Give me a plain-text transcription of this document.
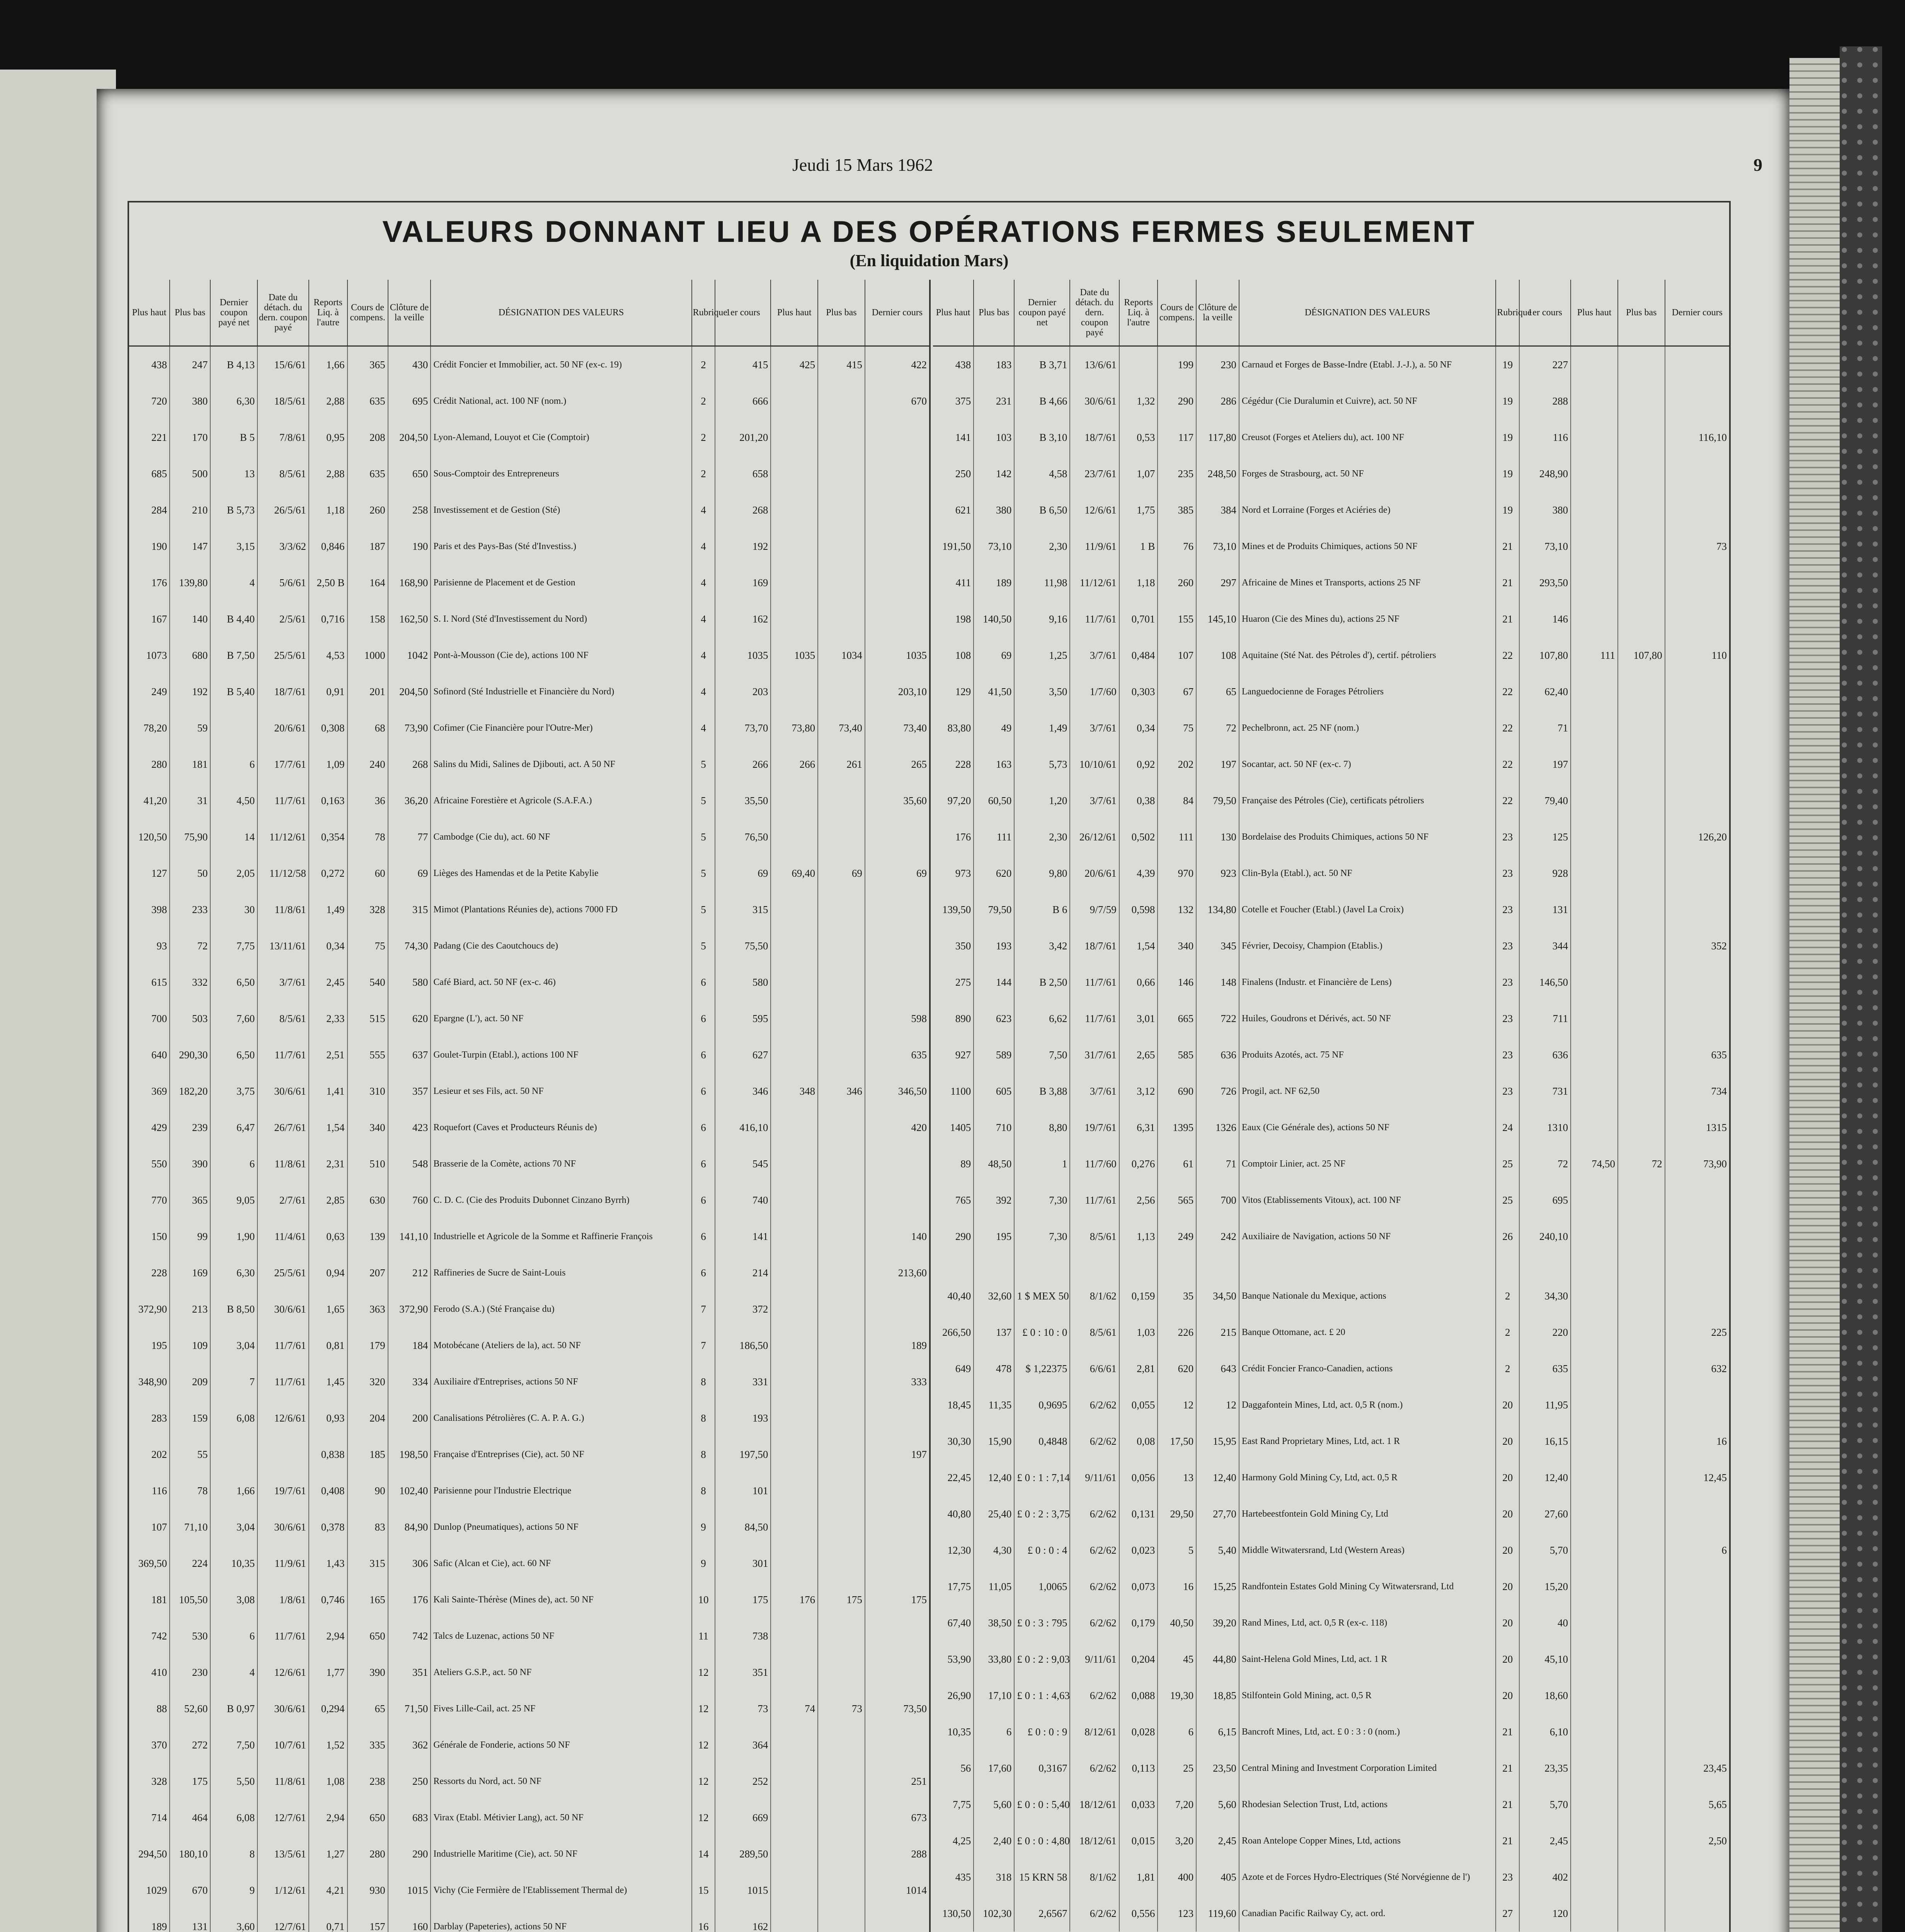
Jeudi 15 Mars 1962	9
VALEURS DONNANT LIEU A DES OPÉRATIONS FERMES SEULEMENT
(En liquidation Mars)
Plus haut	Plus bas	Dernier coupon payé net	Date du détach. du dern. coupon payé	Reports Liq. à l'autre	Cours de compens.	Clôture de la veille	DÉSIGNATION DES VALEURS	Rubrique	1er cours	Plus haut	Plus bas	Dernier cours
438	247	B 4,13	15/6/61	1,66	365	430	Crédit Foncier et Immobilier, act. 50 NF (ex-c. 19)	2	415	425	415	422
720	380	6,30	18/5/61	2,88	635	695	Crédit National, act. 100 NF (nom.)	2	666			670
221	170	B 5	7/8/61	0,95	208	204,50	Lyon-Alemand, Louyot et Cie (Comptoir)	2	201,20			
685	500	13	8/5/61	2,88	635	650	Sous-Comptoir des Entrepreneurs	2	658			
284	210	B 5,73	26/5/61	1,18	260	258	Investissement et de Gestion (Sté)	4	268			
190	147	3,15	3/3/62	0,846	187	190	Paris et des Pays-Bas (Sté d'Investiss.)	4	192			
176	139,80	4	5/6/61	2,50 B	164	168,90	Parisienne de Placement et de Gestion	4	169			
167	140	B 4,40	2/5/61	0,716	158	162,50	S. I. Nord (Sté d'Investissement du Nord)	4	162			
1073	680	B 7,50	25/5/61	4,53	1000	1042	Pont-à-Mousson (Cie de), actions 100 NF	4	1035	1035	1034	1035
249	192	B 5,40	18/7/61	0,91	201	204,50	Sofinord (Sté Industrielle et Financière du Nord)	4	203			203,10
78,20	59		20/6/61	0,308	68	73,90	Cofimer (Cie Financière pour l'Outre-Mer)	4	73,70	73,80	73,40	73,40
280	181	6	17/7/61	1,09	240	268	Salins du Midi, Salines de Djibouti, act. A 50 NF	5	266	266	261	265
41,20	31	4,50	11/7/61	0,163	36	36,20	Africaine Forestière et Agricole (S.A.F.A.)	5	35,50			35,60
120,50	75,90	14	11/12/61	0,354	78	77	Cambodge (Cie du), act. 60 NF	5	76,50			
127	50	2,05	11/12/58	0,272	60	69	Lièges des Hamendas et de la Petite Kabylie	5	69	69,40	69	69
398	233	30	11/8/61	1,49	328	315	Mimot (Plantations Réunies de), actions 7000 FD	5	315			
93	72	7,75	13/11/61	0,34	75	74,30	Padang (Cie des Caoutchoucs de)	5	75,50			
615	332	6,50	3/7/61	2,45	540	580	Café Biard, act. 50 NF (ex-c. 46)	6	580			
700	503	7,60	8/5/61	2,33	515	620	Epargne (L'), act. 50 NF	6	595			598
640	290,30	6,50	11/7/61	2,51	555	637	Goulet-Turpin (Etabl.), actions 100 NF	6	627			635
369	182,20	3,75	30/6/61	1,41	310	357	Lesieur et ses Fils, act. 50 NF	6	346	348	346	346,50
429	239	6,47	26/7/61	1,54	340	423	Roquefort (Caves et Producteurs Réunis de)	6	416,10			420
550	390	6	11/8/61	2,31	510	548	Brasserie de la Comète, actions 70 NF	6	545			
770	365	9,05	2/7/61	2,85	630	760	C. D. C. (Cie des Produits Dubonnet Cinzano Byrrh)	6	740			
150	99	1,90	11/4/61	0,63	139	141,10	Industrielle et Agricole de la Somme et Raffinerie François	6	141			140
228	169	6,30	25/5/61	0,94	207	212	Raffineries de Sucre de Saint-Louis	6	214			213,60
372,90	213	B 8,50	30/6/61	1,65	363	372,90	Ferodo (S.A.) (Sté Française du)	7	372			
195	109	3,04	11/7/61	0,81	179	184	Motobécane (Ateliers de la), act. 50 NF	7	186,50			189
348,90	209	7	11/7/61	1,45	320	334	Auxiliaire d'Entreprises, actions 50 NF	8	331			333
283	159	6,08	12/6/61	0,93	204	200	Canalisations Pétrolières (C. A. P. A. G.)	8	193			
202	55			0,838	185	198,50	Française d'Entreprises (Cie), act. 50 NF	8	197,50			197
116	78	1,66	19/7/61	0,408	90	102,40	Parisienne pour l'Industrie Electrique	8	101			
107	71,10	3,04	30/6/61	0,378	83	84,90	Dunlop (Pneumatiques), actions 50 NF	9	84,50			
369,50	224	10,35	11/9/61	1,43	315	306	Safic (Alcan et Cie), act. 60 NF	9	301			
181	105,50	3,08	1/8/61	0,746	165	176	Kali Sainte-Thérèse (Mines de), act. 50 NF	10	175	176	175	175
742	530	6	11/7/61	2,94	650	742	Talcs de Luzenac, actions 50 NF	11	738			
410	230	4	12/6/61	1,77	390	351	Ateliers G.S.P., act. 50 NF	12	351			
88	52,60	B 0,97	30/6/61	0,294	65	71,50	Fives Lille-Cail, act. 25 NF	12	73	74	73	73,50
370	272	7,50	10/7/61	1,52	335	362	Générale de Fonderie, actions 50 NF	12	364			
328	175	5,50	11/8/61	1,08	238	250	Ressorts du Nord, act. 50 NF	12	252			251
714	464	6,08	12/7/61	2,94	650	683	Virax (Etabl. Métivier Lang), act. 50 NF	12	669			673
294,50	180,10	8	13/5/61	1,27	280	290	Industrielle Maritime (Cie), act. 50 NF	14	289,50			288
1029	670	9	1/12/61	4,21	930	1015	Vichy (Cie Fermière de l'Etablissement Thermal de)	15	1015			1014
189	131	3,60	12/7/61	0,71	157	160	Darblay (Papeteries), actions 50 NF	16	162			

Plus haut	Plus bas	Dernier coupon payé net	Date du détach. du dern. coupon payé	Reports Liq. à l'autre	Cours de compens.	Clôture de la veille	DÉSIGNATION DES VALEURS	Rubrique	1er cours	Plus haut	Plus bas	Dernier cours
438	183	B 3,71	13/6/61		199	230	Carnaud et Forges de Basse-Indre (Etabl. J.-J.), a. 50 NF	19	227			
375	231	B 4,66	30/6/61	1,32	290	286	Cégédur (Cie Duralumin et Cuivre), act. 50 NF	19	288			
141	103	B 3,10	18/7/61	0,53	117	117,80	Creusot (Forges et Ateliers du), act. 100 NF	19	116			116,10
250	142	4,58	23/7/61	1,07	235	248,50	Forges de Strasbourg, act. 50 NF	19	248,90			
621	380	B 6,50	12/6/61	1,75	385	384	Nord et Lorraine (Forges et Aciéries de)	19	380			
191,50	73,10	2,30	11/9/61	1 B	76	73,10	Mines et de Produits Chimiques, actions 50 NF	21	73,10			73
411	189	11,98	11/12/61	1,18	260	297	Africaine de Mines et Transports, actions 25 NF	21	293,50			
198	140,50	9,16	11/7/61	0,701	155	145,10	Huaron (Cie des Mines du), actions 25 NF	21	146			
108	69	1,25	3/7/61	0,484	107	108	Aquitaine (Sté Nat. des Pétroles d'), certif. pétroliers	22	107,80	111	107,80	110
129	41,50	3,50	1/7/60	0,303	67	65	Languedocienne de Forages Pétroliers	22	62,40			
83,80	49	1,49	3/7/61	0,34	75	72	Pechelbronn, act. 25 NF (nom.)	22	71			
228	163	5,73	10/10/61	0,92	202	197	Socantar, act. 50 NF (ex-c. 7)	22	197			
97,20	60,50	1,20	3/7/61	0,38	84	79,50	Française des Pétroles (Cie), certificats pétroliers	22	79,40			
176	111	2,30	26/12/61	0,502	111	130	Bordelaise des Produits Chimiques, actions 50 NF	23	125			126,20
973	620	9,80	20/6/61	4,39	970	923	Clin-Byla (Etabl.), act. 50 NF	23	928			
139,50	79,50	B 6	9/7/59	0,598	132	134,80	Cotelle et Foucher (Etabl.) (Javel La Croix)	23	131			
350	193	3,42	18/7/61	1,54	340	345	Février, Decoisy, Champion (Etablis.)	23	344			352
275	144	B 2,50	11/7/61	0,66	146	148	Finalens (Industr. et Financière de Lens)	23	146,50			
890	623	6,62	11/7/61	3,01	665	722	Huiles, Goudrons et Dérivés, act. 50 NF	23	711			
927	589	7,50	31/7/61	2,65	585	636	Produits Azotés, act. 75 NF	23	636			635
1100	605	B 3,88	3/7/61	3,12	690	726	Progil, act. NF 62,50	23	731			734
1405	710	8,80	19/7/61	6,31	1395	1326	Eaux (Cie Générale des), actions 50 NF	24	1310			1315
89	48,50	1	11/7/60	0,276	61	71	Comptoir Linier, act. 25 NF	25	72	74,50	72	73,90
765	392	7,30	11/7/61	2,56	565	700	Vitos (Etablissements Vitoux), act. 100 NF	25	695			
290	195	7,30	8/5/61	1,13	249	242	Auxiliaire de Navigation, actions 50 NF	26	240,10			

40,40	32,60	1 $ MEX 50	8/1/62	0,159	35	34,50	Banque Nationale du Mexique, actions	2	34,30			
266,50	137	£ 0 : 10 : 0	8/5/61	1,03	226	215	Banque Ottomane, act. £ 20	2	220			225
649	478	$ 1,22375	6/6/61	2,81	620	643	Crédit Foncier Franco-Canadien, actions	2	635			632
18,45	11,35	0,9695	6/2/62	0,055	12	12	Daggafontein Mines, Ltd, act. 0,5 R (nom.)	20	11,95			
30,30	15,90	0,4848	6/2/62	0,08	17,50	15,95	East Rand Proprietary Mines, Ltd, act. 1 R	20	16,15			16
22,45	12,40	£ 0 : 1 : 7,14	9/11/61	0,056	13	12,40	Harmony Gold Mining Cy, Ltd, act. 0,5 R	20	12,40			12,45
40,80	25,40	£ 0 : 2 : 3,75	6/2/62	0,131	29,50	27,70	Hartebeestfontein Gold Mining Cy, Ltd	20	27,60			
12,30	4,30	£ 0 : 0 : 4	6/2/62	0,023	5	5,40	Middle Witwatersrand, Ltd (Western Areas)	20	5,70			6
17,75	11,05	1,0065	6/2/62	0,073	16	15,25	Randfontein Estates Gold Mining Cy Witwatersrand, Ltd	20	15,20			
67,40	38,50	£ 0 : 3 : 795	6/2/62	0,179	40,50	39,20	Rand Mines, Ltd, act. 0,5 R (ex-c. 118)	20	40			
53,90	33,80	£ 0 : 2 : 9,03	9/11/61	0,204	45	44,80	Saint-Helena Gold Mines, Ltd, act. 1 R	20	45,10			
26,90	17,10	£ 0 : 1 : 4,63	6/2/62	0,088	19,30	18,85	Stilfontein Gold Mining, act. 0,5 R	20	18,60			
10,35	6	£ 0 : 0 : 9	8/12/61	0,028	6	6,15	Bancroft Mines, Ltd, act. £ 0 : 3 : 0 (nom.)	21	6,10			
56	17,60	0,3167	6/2/62	0,113	25	23,50	Central Mining and Investment Corporation Limited	21	23,35			23,45
7,75	5,60	£ 0 : 0 : 5,40	18/12/61	0,033	7,20	5,60	Rhodesian Selection Trust, Ltd, actions	21	5,70			5,65
4,25	2,40	£ 0 : 0 : 4,80	18/12/61	0,015	3,20	2,45	Roan Antelope Copper Mines, Ltd, actions	21	2,45			2,50
435	318	15 KRN 58	8/1/62	1,81	400	405	Azote et de Forces Hydro-Electriques (Sté Norvégienne de l')	23	402			
130,50	102,30	2,6567	6/2/62	0,556	123	119,60	Canadian Pacific Railway Cy, act. ord.	27	120			
